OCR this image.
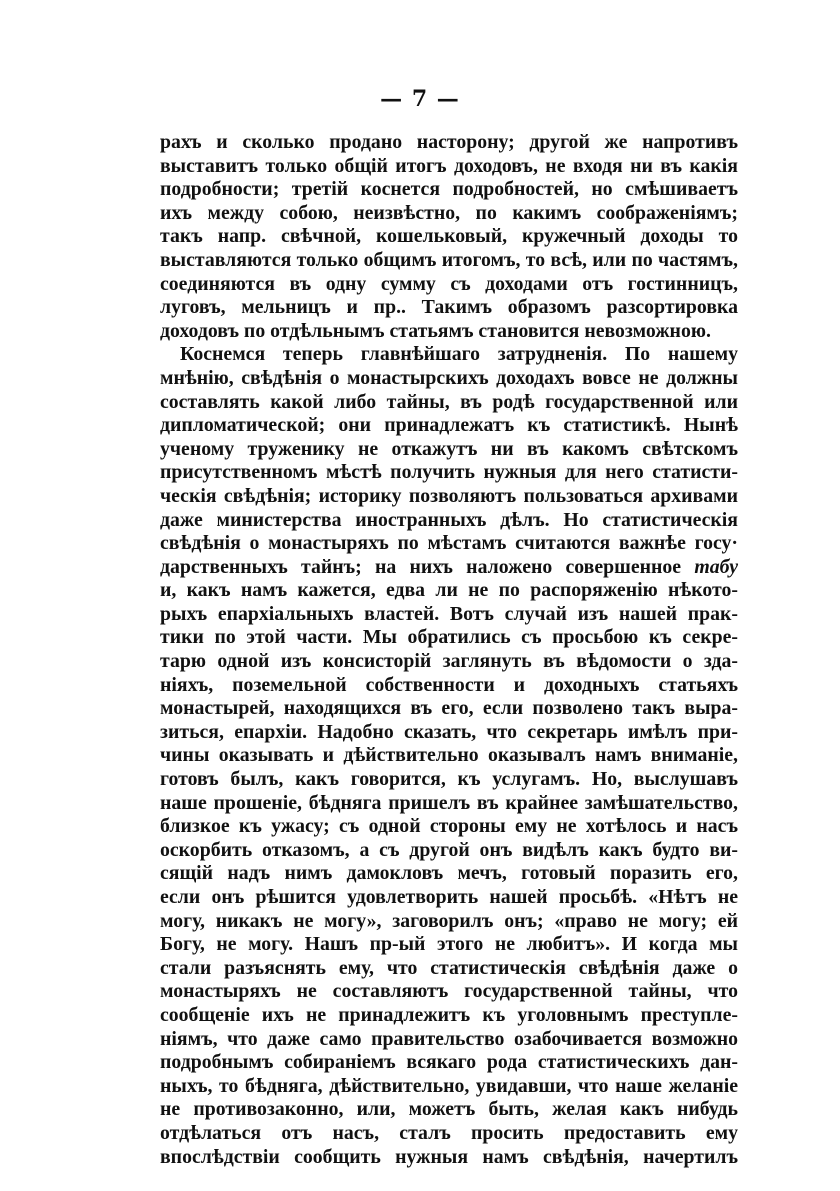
— 7 —
рахъ и сколько продано насторону; другой же напротивъ
выставитъ только общій итогъ доходовъ, не входя ни въ какія
подробности; третій коснется подробностей, но смѣшиваетъ
ихъ между собою, неизвѣстно, по какимъ соображеніямъ;
такъ напр. свѣчной, кошельковый, кружечный доходы то
выставляются только общимъ итогомъ, то всѣ, или по частямъ,
соединяются въ одну сумму съ доходами отъ гостинницъ,
луговъ, мельницъ и пр.. Такимъ образомъ разсортировка
доходовъ по отдѣльнымъ статьямъ становится невозможною.
Коснемся теперь главнѣйшаго затрудненія. По нашему
мнѣнію, свѣдѣнія о монастырскихъ доходахъ вовсе не должны
составлять какой либо тайны, въ родѣ государственной или
дипломатической; они принадлежатъ къ статистикѣ. Нынѣ
ученому труженику не откажутъ ни въ какомъ свѣтскомъ
присутственномъ мѣстѣ получить нужныя для него статисти-
ческія свѣдѣнія; историку позволяютъ пользоваться архивами
даже министерства иностранныхъ дѣлъ. Но статистическія
свѣдѣнія о монастыряхъ по мѣстамъ считаются важнѣе госу·
дарственныхъ тайнъ; на нихъ наложено совершенное табу
и, какъ намъ кажется, едва ли не по распоряженію нѣкото-
рыхъ епархіальныхъ властей. Вотъ случай изъ нашей прак-
тики по этой части. Мы обратились съ просьбою къ секре-
тарю одной изъ консисторій заглянуть въ вѣдомости о зда-
ніяхъ, поземельной собственности и доходныхъ статьяхъ
монастырей, находящихся въ его, если позволено такъ выра-
зиться, епархіи. Надобно сказать, что секретарь имѣлъ при-
чины оказывать и дѣйствительно оказывалъ намъ вниманіе,
готовъ былъ, какъ говорится, къ услугамъ. Но, выслушавъ
наше прошеніе, бѣдняга пришелъ въ крайнее замѣшательство,
близкое къ ужасу; съ одной стороны ему не хотѣлось и насъ
оскорбить отказомъ, а съ другой онъ видѣлъ какъ будто ви-
сящій надъ нимъ дамокловъ мечъ, готовый поразить его,
если онъ рѣшится удовлетворить нашей просьбѣ. «Нѣтъ не
могу, никакъ не могу», заговорилъ онъ; «право не могу; ей
Богу, не могу. Нашъ пр-ый этого не любитъ». И когда мы
стали разъяснять ему, что статистическія свѣдѣнія даже о
монастыряхъ не составляютъ государственной тайны, что
сообщеніе ихъ не принадлежитъ къ уголовнымъ преступле-
ніямъ, что даже само правительство озабочивается возможно
подробнымъ собираніемъ всякаго рода статистическихъ дан-
ныхъ, то бѣднягa, дѣйствительно, увидавши, что наше желаніе
не противозаконно, или, можетъ быть, желая какъ нибудь
отдѣлаться отъ насъ, сталъ просить предоставить ему
впослѣдствіи сообщить нужныя намъ свѣдѣнія, начертилъ
